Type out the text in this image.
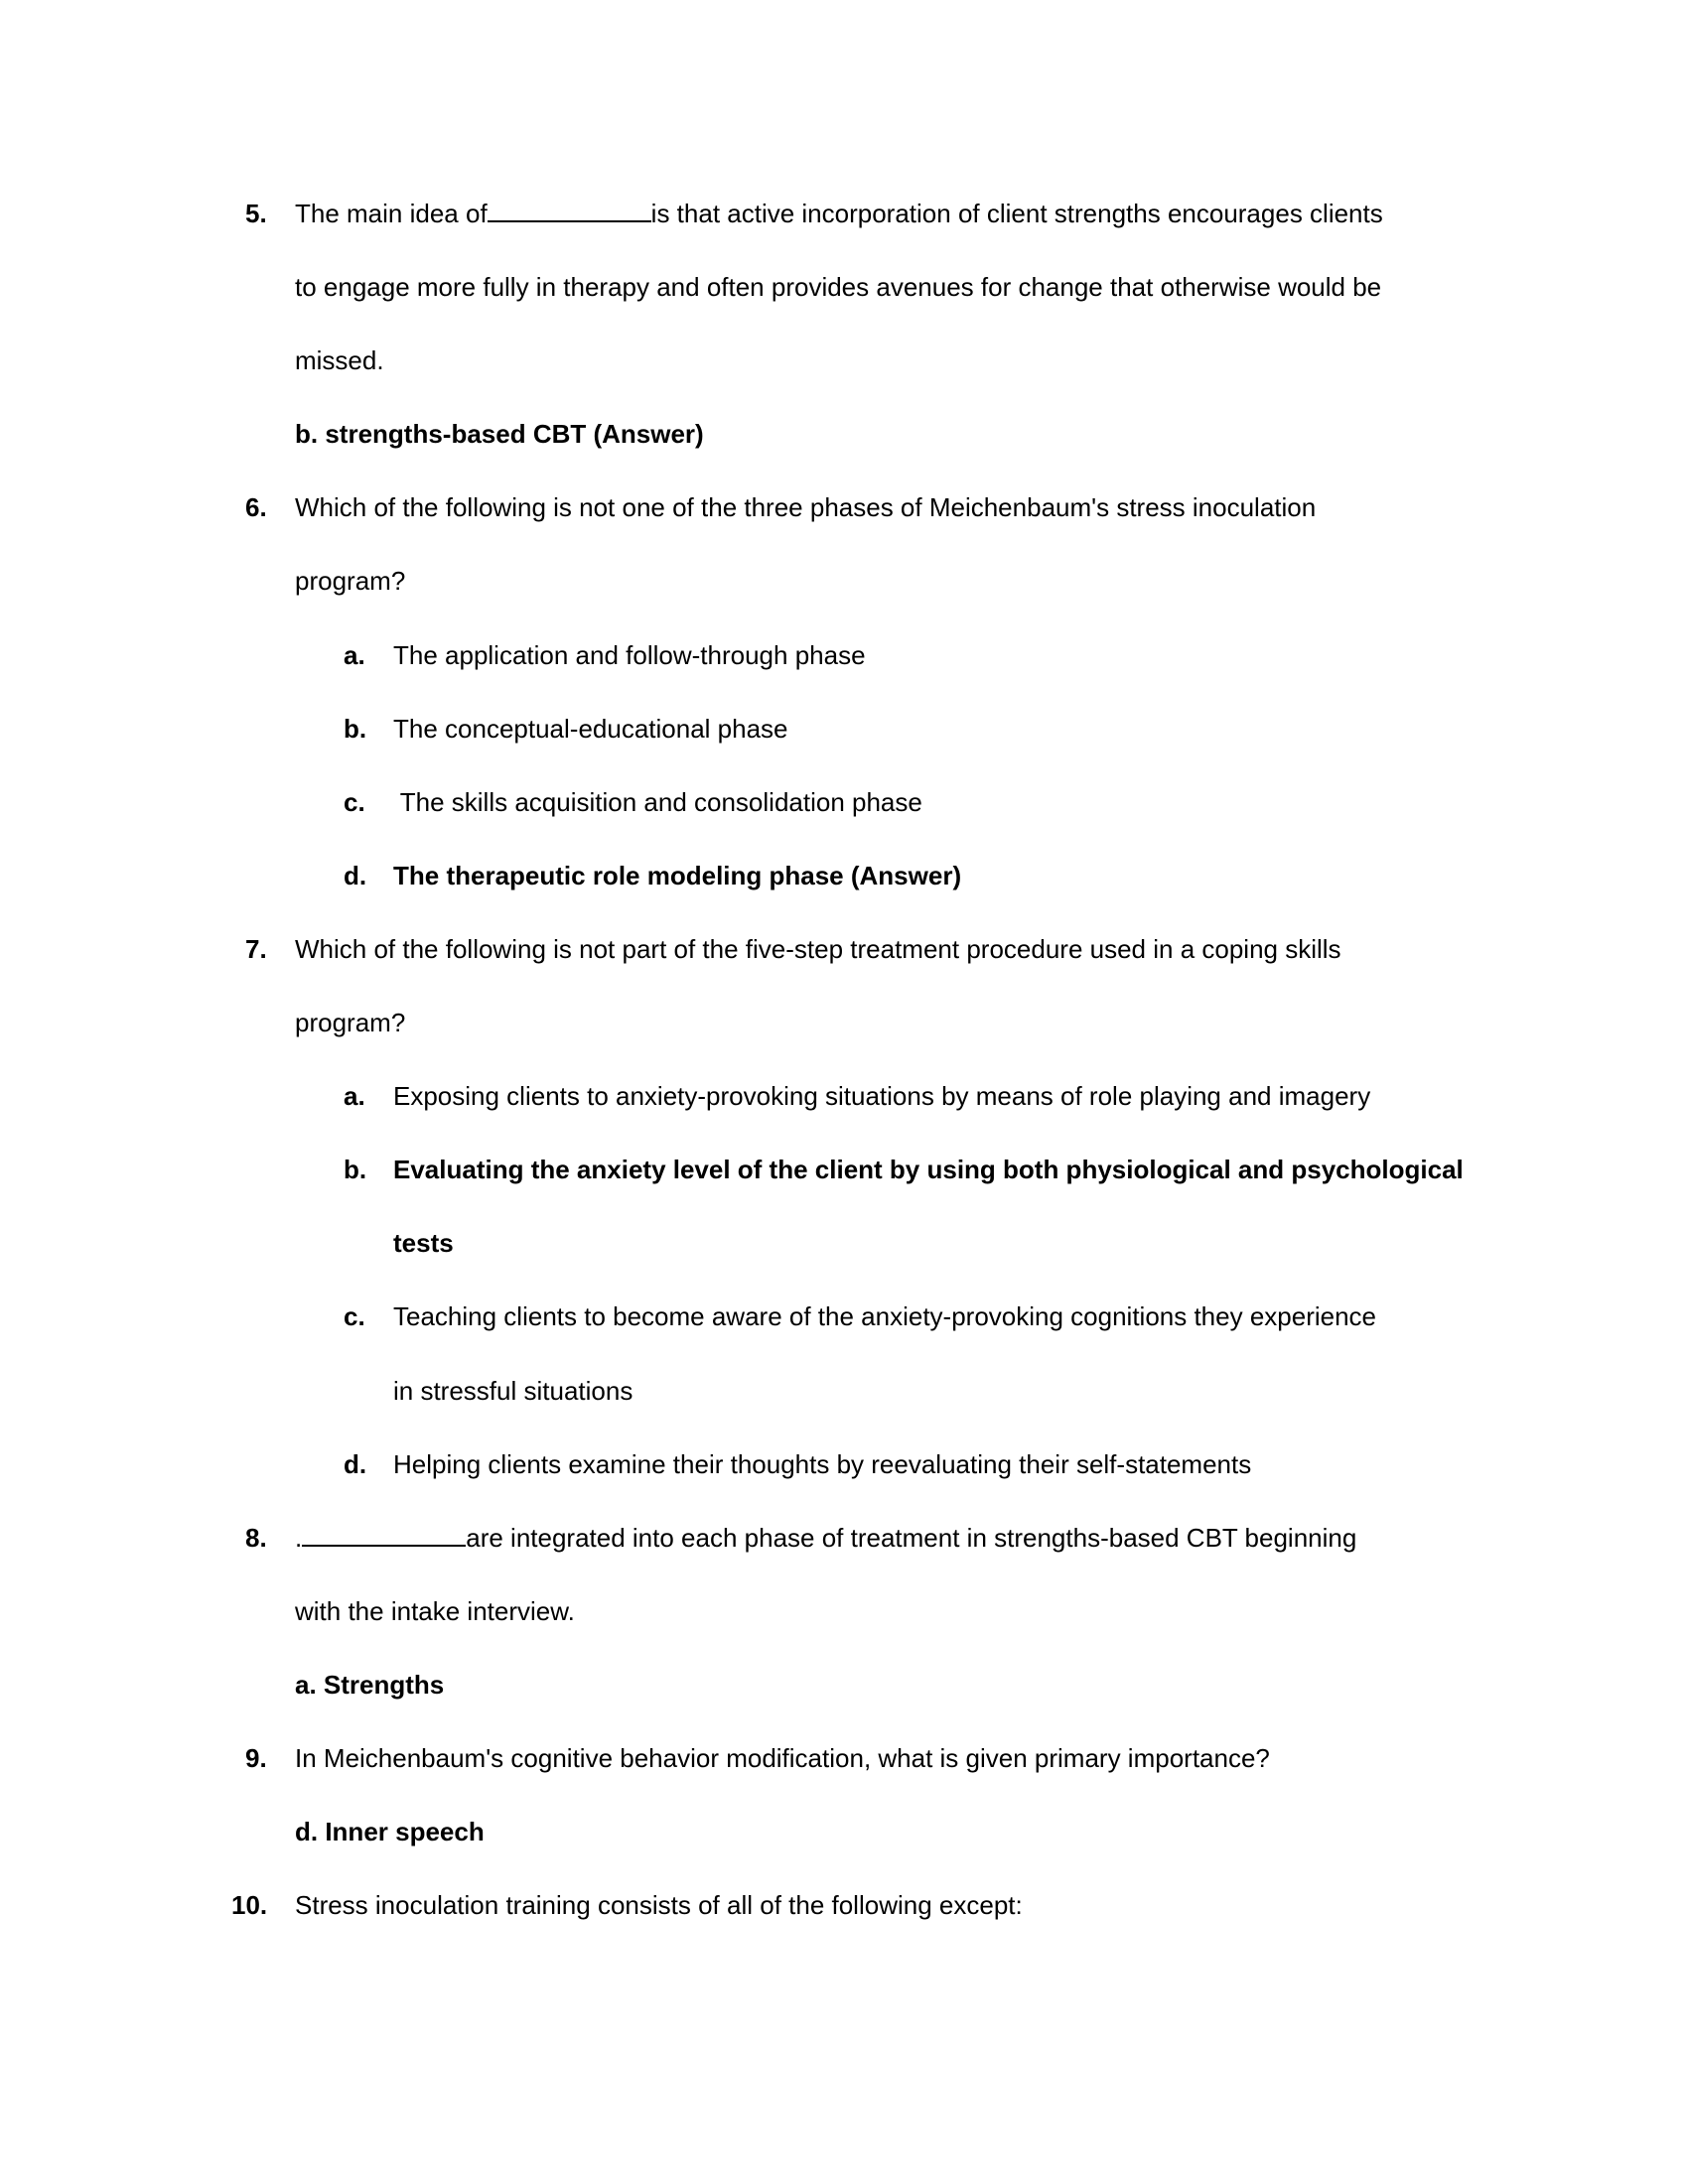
5. The main idea of	is that active incorporation of client strengths encourages clients
to engage more fully in therapy and often provides avenues for change that otherwise would be
missed.
b. strengths-based CBT (Answer)
6. Which of the following is not one of the three phases of Meichenbaum's stress inoculation
program?
a. The application and follow-through phase
b. The conceptual-educational phase
c. The skills acquisition and consolidation phase
d. The therapeutic role modeling phase (Answer)
7. Which of the following is not part of the five-step treatment procedure used in a coping skills
program?
a. Exposing clients to anxiety-provoking situations by means of role playing and imagery
b. Evaluating the anxiety level of the client by using both physiological and psychological
tests
c. Teaching clients to become aware of the anxiety-provoking cognitions they experience
in stressful situations
d. Helping clients examine their thoughts by reevaluating their self-statements
8. .	are integrated into each phase of treatment in strengths-based CBT beginning
with the intake interview.
a. Strengths
9. In Meichenbaum's cognitive behavior modification, what is given primary importance?
d. Inner speech
10. Stress inoculation training consists of all of the following except:
